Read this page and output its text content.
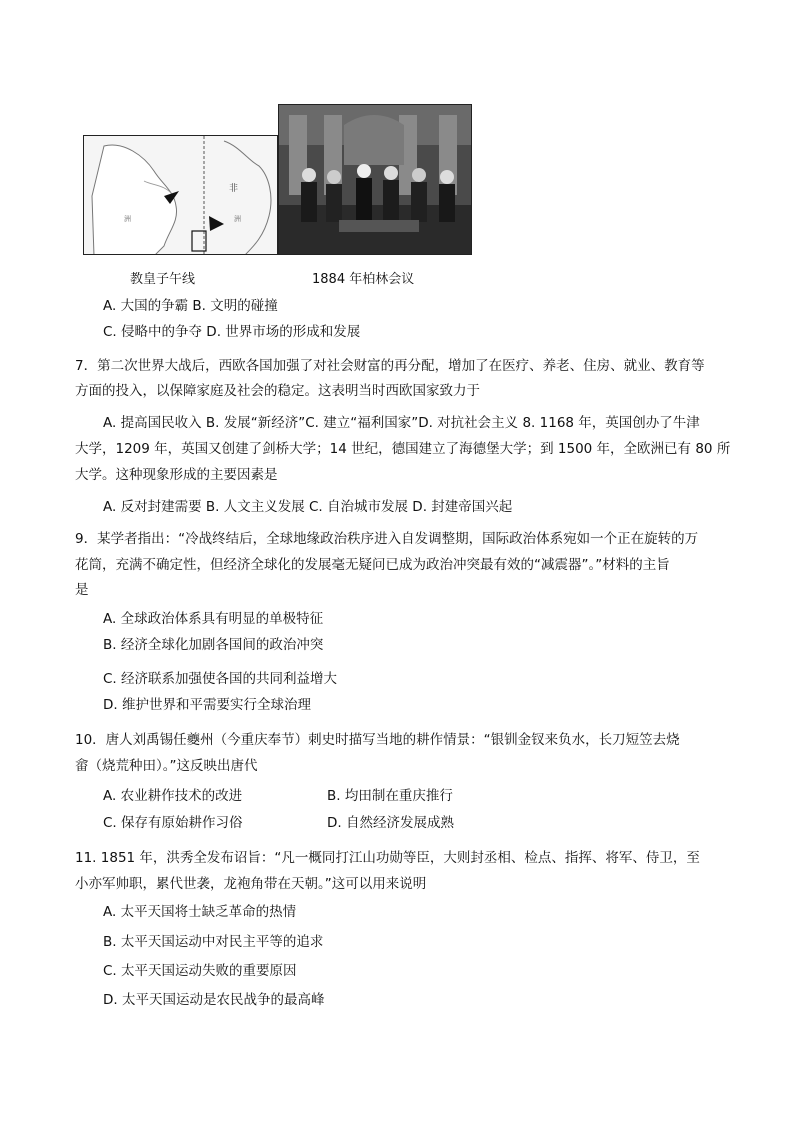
非
洲
洲
教皇子午线	1884 年柏林会议
A. 大国的争霸 B. 文明的碰撞
C. 侵略中的争夺 D. 世界市场的形成和发展
7．第二次世界大战后，西欧各国加强了对社会财富的再分配，增加了在医疗、养老、住房、就业、教育等
方面的投入，以保障家庭及社会的稳定。这表明当时西欧国家致力于
A. 提高国民收入 B. 发展“新经济”C. 建立“福利国家”D. 对抗社会主义 8. 1168 年，英国创办了牛津
大学，1209 年，英国又创建了剑桥大学；14 世纪，德国建立了海德堡大学；到 1500 年，全欧洲已有 80 所
大学。这种现象形成的主要因素是
A. 反对封建需要 B. 人文主义发展 C. 自治城市发展 D. 封建帝国兴起
9．某学者指出：“冷战终结后，全球地缘政治秩序进入自发调整期，国际政治体系宛如一个正在旋转的万
花筒，充满不确定性，但经济全球化的发展毫无疑问已成为政治冲突最有效的“减震器”。”材料的主旨
是
A. 全球政治体系具有明显的单极特征
B. 经济全球化加剧各国间的政治冲突
C. 经济联系加强使各国的共同利益增大
D. 维护世界和平需要实行全球治理
10．唐人刘禹锡任夔州（今重庆奉节）刺史时描写当地的耕作情景：“银钏金钗来负水，长刀短笠去烧
畲（烧荒种田）。”这反映出唐代
A. 农业耕作技术的改进	B. 均田制在重庆推行
C. 保存有原始耕作习俗	D. 自然经济发展成熟
11. 1851 年，洪秀全发布诏旨：“凡一概同打江山功勋等臣，大则封丞相、检点、指挥、将军、侍卫，至
小亦军帅职，累代世袭，龙袍角带在天朝。”这可以用来说明
A. 太平天国将士缺乏革命的热情
B. 太平天国运动中对民主平等的追求
C. 太平天国运动失败的重要原因
D. 太平天国运动是农民战争的最高峰
